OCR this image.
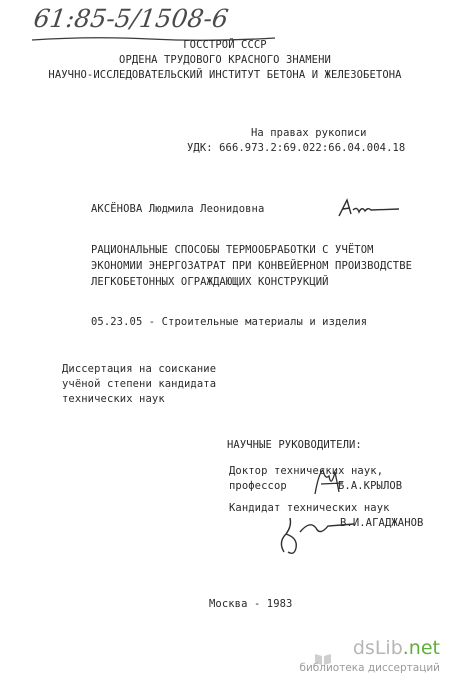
61:85-5/1508-6
ГОССТРОЙ СССР
ОРДЕНА ТРУДОВОГО КРАСНОГО ЗНАМЕНИ
НАУЧНО-ИССЛЕДОВАТЕЛЬСКИЙ ИНСТИТУТ БЕТОНА И ЖЕЛЕЗОБЕТОНА
На правах рукописи
УДК: 666.973.2:69.022:66.04.004.18
АКСЁНОВА Людмила Леонидовна
РАЦИОНАЛЬНЫЕ СПОСОБЫ ТЕРМООБРАБОТКИ С УЧЁТОМ
ЭКОНОМИИ ЭНЕРГОЗАТРАТ ПРИ КОНВЕЙЕРНОМ ПРОИЗВОДСТВЕ
ЛЕГКОБЕТОННЫХ ОГРАЖДАЮЩИХ КОНСТРУКЦИЙ
05.23.05 - Строительные материалы и изделия
Диссертация на соискание
учёной степени кандидата
технических наук
НАУЧНЫЕ РУКОВОДИТЕЛИ:
Доктор технических наук,
профессор	Б.А.КРЫЛОВ
Кандидат технических наук
В.И.АГАДЖАНОВ
Москва - 1983
dsLib.net
библиотека диссертаций
